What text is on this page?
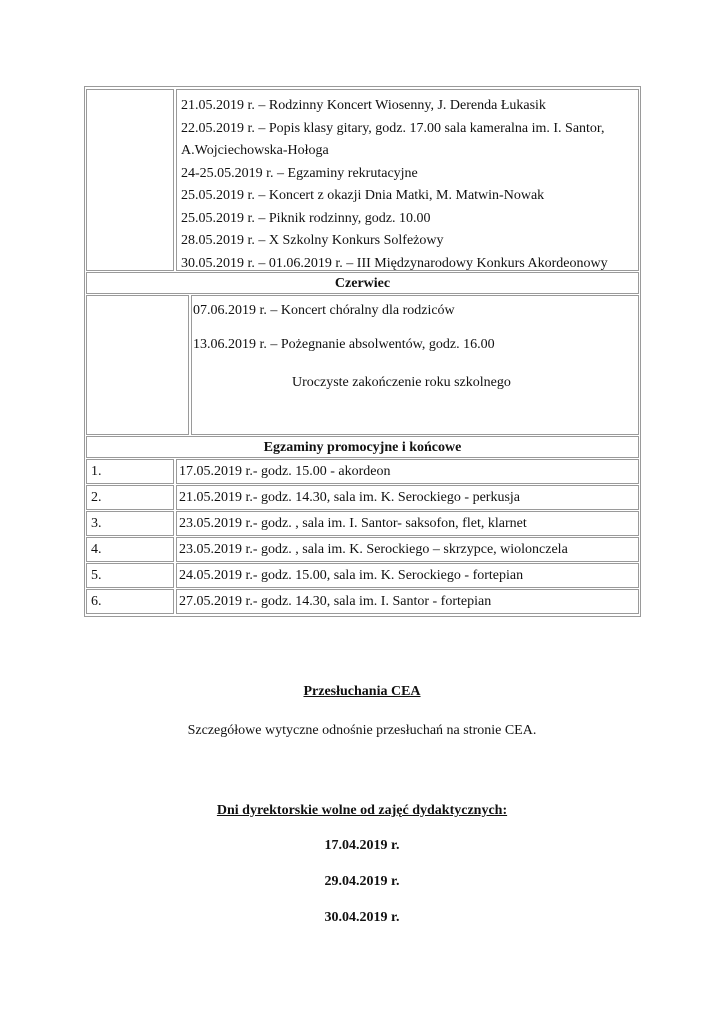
21.05.2019 r. – Rodzinny Koncert Wiosenny, J. Derenda Łukasik
22.05.2019 r. – Popis klasy gitary, godz. 17.00 sala kameralna im. I. Santor,
A.Wojciechowska-Hołoga
24-25.05.2019 r. – Egzaminy rekrutacyjne
25.05.2019 r. – Koncert z okazji Dnia Matki, M. Matwin-Nowak
25.05.2019 r. – Piknik rodzinny, godz. 10.00
28.05.2019 r. – X Szkolny Konkurs Solfeżowy
30.05.2019 r. – 01.06.2019 r. – III Międzynarodowy Konkurs Akordeonowy
Czerwiec
07.06.2019 r. – Koncert chóralny dla rodziców
13.06.2019 r. – Pożegnanie absolwentów, godz. 16.00
Uroczyste zakończenie roku szkolnego
Egzaminy promocyjne i końcowe
1.	17.05.2019 r.- godz. 15.00 - akordeon
2.	21.05.2019 r.- godz. 14.30, sala im. K. Serockiego - perkusja
3.	23.05.2019 r.- godz. , sala im. I. Santor- saksofon, flet, klarnet
4.	23.05.2019 r.- godz. , sala im. K. Serockiego – skrzypce, wiolonczela
5.	24.05.2019 r.- godz. 15.00, sala im. K. Serockiego - fortepian
6.	27.05.2019 r.- godz. 14.30, sala im. I. Santor - fortepian
Przesłuchania CEA
Szczegółowe wytyczne odnośnie przesłuchań na stronie CEA.
Dni dyrektorskie wolne od zajęć dydaktycznych:
17.04.2019 r.
29.04.2019 r.
30.04.2019 r.
